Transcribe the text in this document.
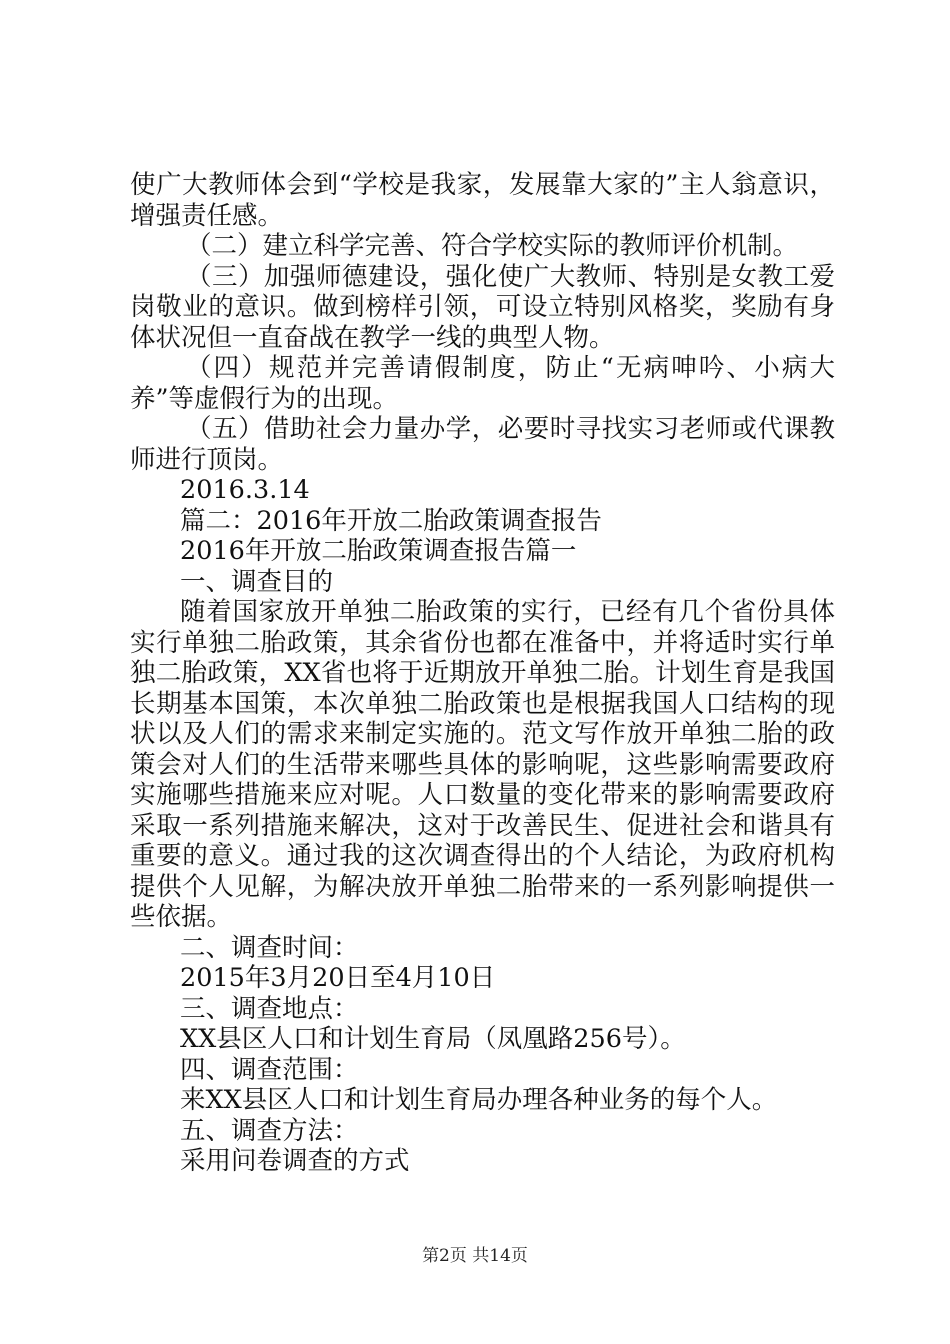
使广大教师体会到“学校是我家，发展靠大家的”主人翁意识，
增强责任感。
（二）建立科学完善、符合学校实际的教师评价机制。
（三）加强师德建设，强化使广大教师、特别是女教工爱
岗敬业的意识。做到榜样引领，可设立特别风格奖，奖励有身
体状况但一直奋战在教学一线的典型人物。
（四）规范并完善请假制度，防止“无病呻吟、小病大
养”等虚假行为的出现。
（五）借助社会力量办学，必要时寻找实习老师或代课教
师进行顶岗。
2016.3.14
篇二：2016年开放二胎政策调查报告
2016年开放二胎政策调查报告篇一
一、调查目的
随着国家放开单独二胎政策的实行，已经有几个省份具体
实行单独二胎政策，其余省份也都在准备中，并将适时实行单
独二胎政策，XX省也将于近期放开单独二胎。计划生育是我国
长期基本国策，本次单独二胎政策也是根据我国人口结构的现
状以及人们的需求来制定实施的。范文写作放开单独二胎的政
策会对人们的生活带来哪些具体的影响呢，这些影响需要政府
实施哪些措施来应对呢。人口数量的变化带来的影响需要政府
采取一系列措施来解决，这对于改善民生、促进社会和谐具有
重要的意义。通过我的这次调查得出的个人结论，为政府机构
提供个人见解，为解决放开单独二胎带来的一系列影响提供一
些依据。
二、调查时间：
2015年3月20日至4月10日
三、调查地点：
XX县区人口和计划生育局（凤凰路256号）。
四、调查范围：
来XX县区人口和计划生育局办理各种业务的每个人。
五、调查方法：
采用问卷调查的方式
第2页 共14页
